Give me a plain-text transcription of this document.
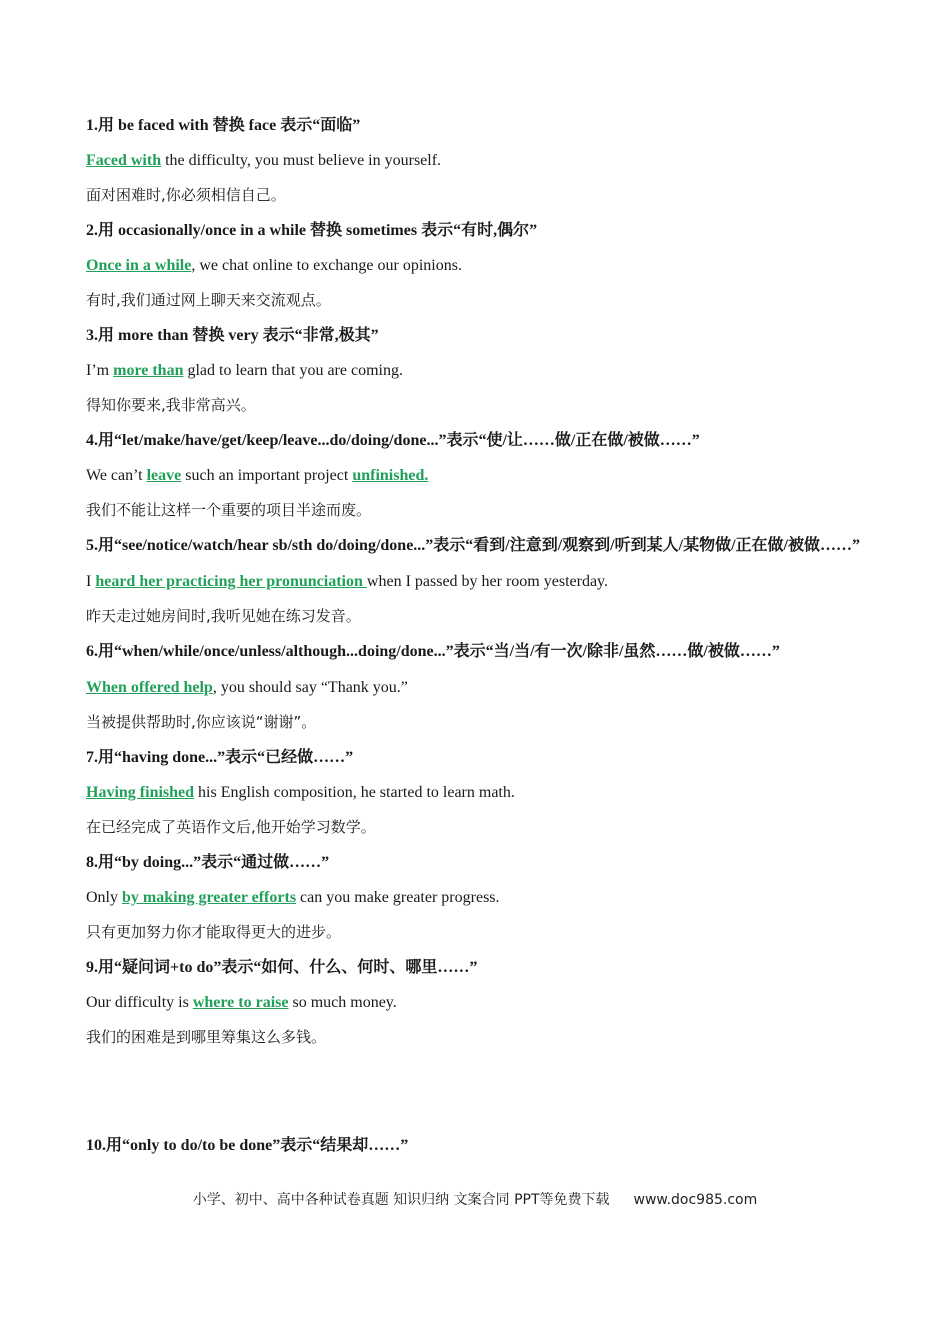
1.用 be faced with 替换 face 表示“面临”
Faced with the difficulty, you must believe in yourself.
面对困难时,你必须相信自己。
2.用 occasionally/once in a while 替换 sometimes 表示“有时,偶尔”
Once in a while, we chat online to exchange our opinions.
有时,我们通过网上聊天来交流观点。
3.用 more than 替换 very 表示“非常,极其”
I’m more than glad to learn that you are coming.
得知你要来,我非常高兴。
4.用“let/make/have/get/keep/leave...do/doing/done...”表示“使/让……做/正在做/被做……”
We can’t leave such an important project unfinished.
我们不能让这样一个重要的项目半途而废。
5.用“see/notice/watch/hear sb/sth do/doing/done...”表示“看到/注意到/观察到/听到某人/某物做/正在做/被做……”
I heard her practicing her pronunciation when I passed by her room yesterday.
昨天走过她房间时,我听见她在练习发音。
6.用“when/while/once/unless/although...doing/done...”表示“当/当/有一次/除非/虽然……做/被做……”
When offered help, you should say “Thank you.”
当被提供帮助时,你应该说“谢谢”。
7.用“having done...”表示“已经做……”
Having finished his English composition, he started to learn math.
在已经完成了英语作文后,他开始学习数学。
8.用“by doing...”表示“通过做……”
Only by making greater efforts can you make greater progress.
只有更加努力你才能取得更大的进步。
9.用“疑问词+to do”表示“如何、什么、何时、哪里……”
Our difficulty is where to raise so much money.
我们的困难是到哪里筹集这么多钱。
10.用“only to do/to be done”表示“结果却……”
小学、初中、高中各种试卷真题 知识归纳 文案合同 PPT等免费下载 www.doc985.com
